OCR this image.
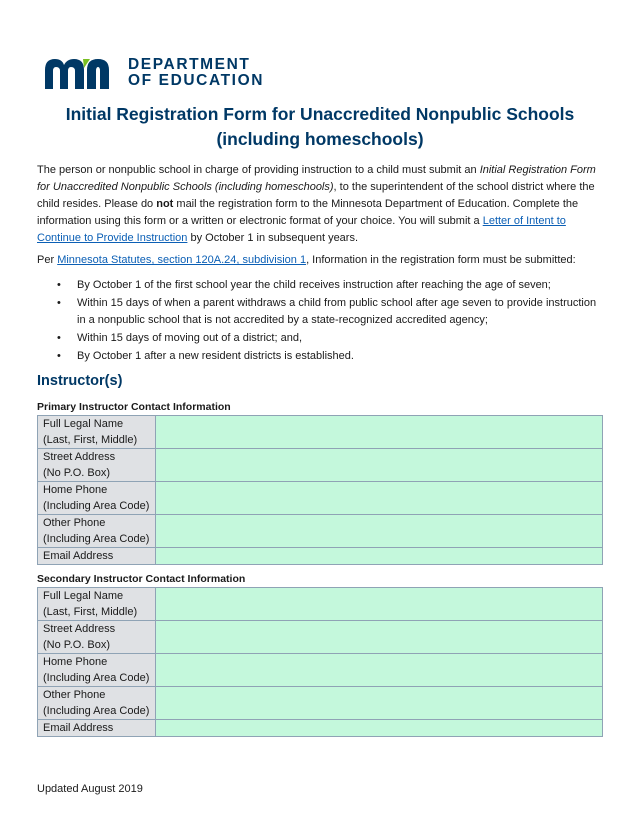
DEPARTMENT
OF EDUCATION
Initial Registration Form for Unaccredited Nonpublic Schools
(including homeschools)
The person or nonpublic school in charge of providing instruction to a child must submit an Initial Registration Form for Unaccredited Nonpublic Schools (including homeschools), to the superintendent of the school district where the child resides. Please do not mail the registration form to the Minnesota Department of Education. Complete the information using this form or a written or electronic format of your choice. You will submit a Letter of Intent to Continue to Provide Instruction by October 1 in subsequent years.
Per Minnesota Statutes, section 120A.24, subdivision 1, Information in the registration form must be submitted:
• By October 1 of the first school year the child receives instruction after reaching the age of seven;
• Within 15 days of when a parent withdraws a child from public school after age seven to provide instruction in a nonpublic school that is not accredited by a state-recognized accredited agency;
• Within 15 days of moving out of a district; and,
• By October 1 after a new resident districts is established.
Instructor(s)
Primary Instructor Contact Information
Full Legal Name
(Last, First, Middle)	

Street Address
(No P.O. Box)	

Home Phone
(Including Area Code)	

Other Phone
(Including Area Code)	

Email Address	

Secondary Instructor Contact Information
Full Legal Name
(Last, First, Middle)	

Street Address
(No P.O. Box)	

Home Phone
(Including Area Code)	

Other Phone
(Including Area Code)	

Email Address	

Updated August 2019
